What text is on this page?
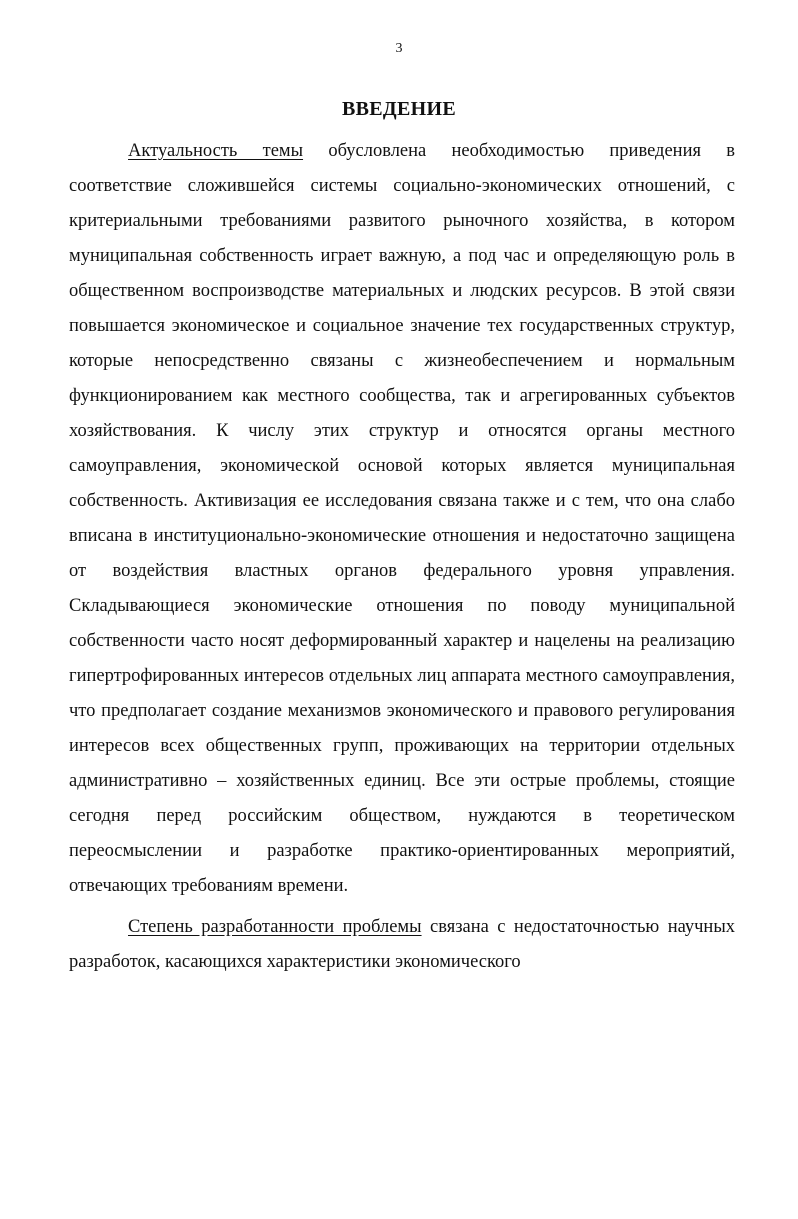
3
ВВЕДЕНИЕ

Актуальность темы обусловлена необходимостью приведения в соответствие сложившейся системы социально-экономических отношений, с критериальными требованиями развитого рыночного хозяйства, в котором муниципальная собственность играет важную, а под час и определяющую роль в общественном воспроизводстве материальных и людских ресурсов. В этой связи повышается экономическое и социальное значение тех государственных структур, которые непосредственно связаны с жизнеобеспечением и нормальным функционированием как местного сообщества, так и агрегированных субъектов хозяйствования. К числу этих структур и относятся органы местного самоуправления, экономической основой которых является муниципальная собственность. Активизация ее исследования связана также и с тем, что она слабо вписана в институционально-экономические отношения и недостаточно защищена от воздействия властных органов федерального уровня управления. Складывающиеся экономические отношения по поводу муниципальной собственности часто носят деформированный характер и нацелены на реализацию гипертрофированных интересов отдельных лиц аппарата местного самоуправления, что предполагает создание механизмов экономического и правового регулирования интересов всех общественных групп, проживающих на территории отдельных административно – хозяйственных единиц. Все эти острые проблемы, стоящие сегодня перед российским обществом, нуждаются в теоретическом переосмыслении и разработке практико-ориентированных мероприятий, отвечающих требованиям времени.

Степень разработанности проблемы связана с недостаточностью научных разработок, касающихся характеристики экономического
